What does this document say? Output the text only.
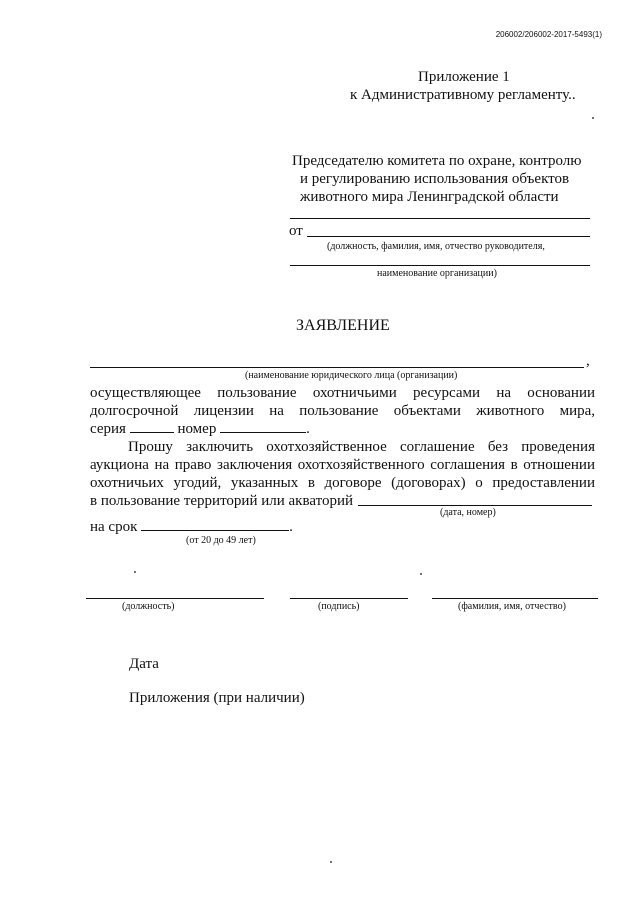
206002/206002-2017-5493(1)
Приложение 1
к Административному регламенту..
Председателю комитета по охране, контролю
и регулированию использования объектов
животного мира Ленинградской области
от
(должность, фамилия, имя, отчество руководителя,
наименование организации)
ЗАЯВЛЕНИЕ
,
(наименование юридического лица (организации)
осуществляющее пользование охотничьими ресурсами на основании
долгосрочной лицензии на пользование объектами животного мира,
серия	номер	.
Прошу заключить охотхозяйственное соглашение без проведения
аукциона на право заключения охотхозяйственного соглашения в отношении
охотничьих угодий, указанных в договоре (договорах) о предоставлении
в пользование территорий или акваторий
(дата, номер)
на срок	.
(от 20 до 49 лет)
(должность)	(подпись)	(фамилия, имя, отчество)
Дата
Приложения (при наличии)
